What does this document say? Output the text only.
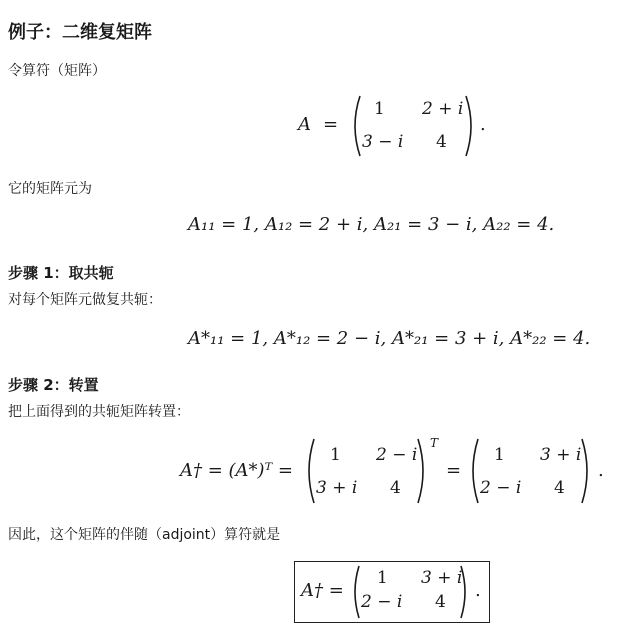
例子：二维复矩阵
令算符（矩阵）
A =
1 2 + i
3 − i 4
.
它的矩阵元为
A₁₁ = 1, A₁₂ = 2 + i, A₂₁ = 3 − i, A₂₂ = 4.
步骤 1：取共轭
对每个矩阵元做复共轭：
A*₁₁ = 1, A*₁₂ = 2 − i, A*₂₁ = 3 + i, A*₂₂ = 4.
步骤 2：转置
把上面得到的共轭矩阵转置：
A† = (A*)ᵀ =
1 2 − i
3 + i 4
T
=
1 3 + i
2 − i 4
.
因此，这个矩阵的伴随（adjoint）算符就是
A† =
1 3 + i
2 − i 4
.
